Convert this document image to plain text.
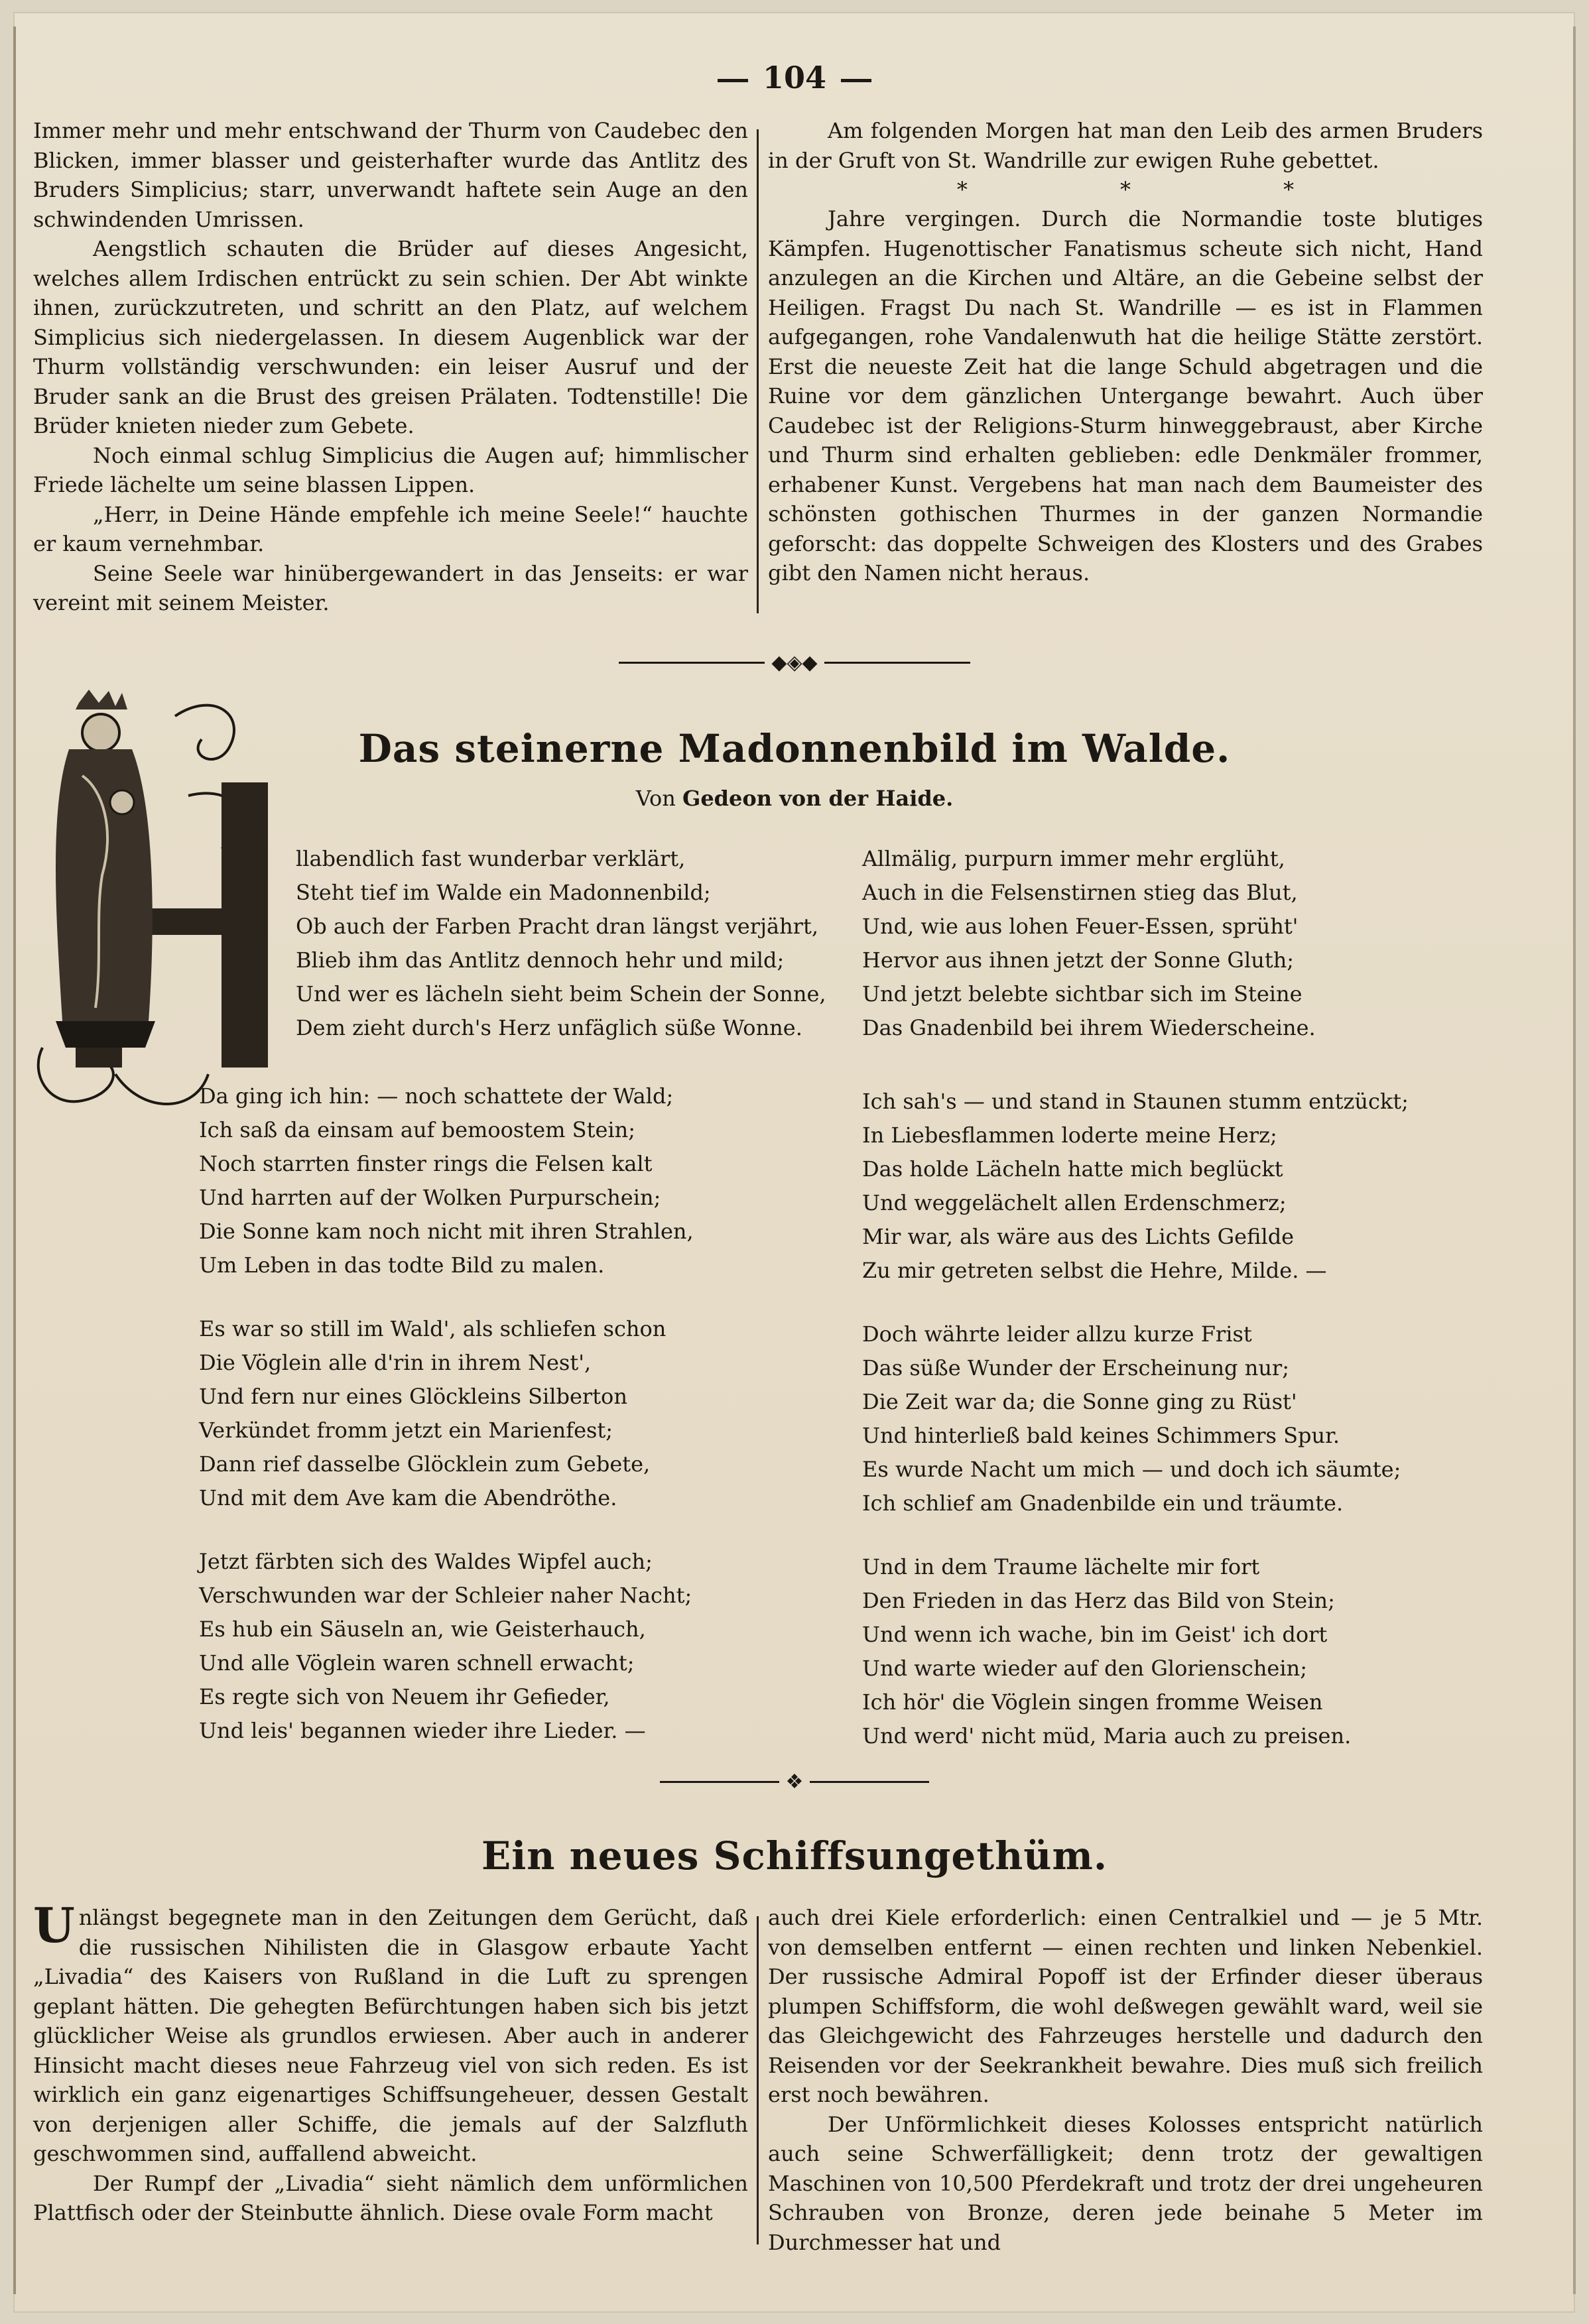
104

Immer mehr und mehr entschwand der Thurm von Caudebec den Blicken, immer blasser und geisterhafter wurde das Antlitz des Bruders Simplicius; starr, unverwandt haftete sein Auge an den schwindenden Umrissen.

Aengstlich schauten die Brüder auf dieses Angesicht, welches allem Irdischen entrückt zu sein schien. Der Abt winkte ihnen, zurückzutreten, und schritt an den Platz, auf welchem Simplicius sich niedergelassen. In diesem Augenblick war der Thurm vollständig verschwunden: ein leiser Ausruf und der Bruder sank an die Brust des greisen Prälaten. Todtenstille! Die Brüder knieten nieder zum Gebete.

Noch einmal schlug Simplicius die Augen auf; himmlischer Friede lächelte um seine blassen Lippen.

„Herr, in Deine Hände empfehle ich meine Seele!“ hauchte er kaum vernehmbar.

Seine Seele war hinübergewandert in das Jenseits: er war vereint mit seinem Meister.

Am folgenden Morgen hat man den Leib des armen Bruders in der Gruft von St. Wandrille zur ewigen Ruhe gebettet.

* * *

Jahre vergingen. Durch die Normandie toste blutiges Kämpfen. Hugenottischer Fanatismus scheute sich nicht, Hand anzulegen an die Kirchen und Altäre, an die Gebeine selbst der Heiligen. Fragst Du nach St. Wandrille — es ist in Flammen aufgegangen, rohe Vandalenwuth hat die heilige Stätte zerstört. Erst die neueste Zeit hat die lange Schuld abgetragen und die Ruine vor dem gänzlichen Untergange bewahrt. Auch über Caudebec ist der Religions-Sturm hinweggebraust, aber Kirche und Thurm sind erhalten geblieben: edle Denkmäler frommer, erhabener Kunst. Vergebens hat man nach dem Baumeister des schönsten gothischen Thurmes in der ganzen Normandie geforscht: das doppelte Schweigen des Klosters und des Grabes gibt den Namen nicht heraus.

◆◈◆
Das steinerne Madonnenbild im Walde.
Von Gedeon von der Haide.
llabendlich fast wunderbar verklärt,
Steht tief im Walde ein Madonnenbild;
Ob auch der Farben Pracht dran längst verjährt,
Blieb ihm das Antlitz dennoch hehr und mild;
Und wer es lächeln sieht beim Schein der Sonne,
Dem zieht durch's Herz unfäglich süße Wonne.
Da ging ich hin: — noch schattete der Wald;
Ich saß da einsam auf bemoostem Stein;
Noch starrten finster rings die Felsen kalt
Und harrten auf der Wolken Purpurschein;
Die Sonne kam noch nicht mit ihren Strahlen,
Um Leben in das todte Bild zu malen.
Es war so still im Wald', als schliefen schon
Die Vöglein alle d'rin in ihrem Nest',
Und fern nur eines Glöckleins Silberton
Verkündet fromm jetzt ein Marienfest;
Dann rief dasselbe Glöcklein zum Gebete,
Und mit dem Ave kam die Abendröthe.
Jetzt färbten sich des Waldes Wipfel auch;
Verschwunden war der Schleier naher Nacht;
Es hub ein Säuseln an, wie Geisterhauch,
Und alle Vöglein waren schnell erwacht;
Es regte sich von Neuem ihr Gefieder,
Und leis' begannen wieder ihre Lieder. —
Allmälig, purpurn immer mehr erglüht,
Auch in die Felsenstirnen stieg das Blut,
Und, wie aus lohen Feuer-Essen, sprüht'
Hervor aus ihnen jetzt der Sonne Gluth;
Und jetzt belebte sichtbar sich im Steine
Das Gnadenbild bei ihrem Wiederscheine.
Ich sah's — und stand in Staunen stumm entzückt;
In Liebesflammen loderte meine Herz;
Das holde Lächeln hatte mich beglückt
Und weggelächelt allen Erdenschmerz;
Mir war, als wäre aus des Lichts Gefilde
Zu mir getreten selbst die Hehre, Milde. —
Doch währte leider allzu kurze Frist
Das süße Wunder der Erscheinung nur;
Die Zeit war da; die Sonne ging zu Rüst'
Und hinterließ bald keines Schimmers Spur.
Es wurde Nacht um mich — und doch ich säumte;
Ich schlief am Gnadenbilde ein und träumte.
Und in dem Traume lächelte mir fort
Den Frieden in das Herz das Bild von Stein;
Und wenn ich wache, bin im Geist' ich dort
Und warte wieder auf den Glorienschein;
Ich hör' die Vöglein singen fromme Weisen
Und werd' nicht müd, Maria auch zu preisen.
❖
Ein neues Schiffsungethüm.

Unlängst begegnete man in den Zeitungen dem Gerücht, daß die russischen Nihilisten die in Glasgow erbaute Yacht „Livadia“ des Kaisers von Rußland in die Luft zu sprengen geplant hätten. Die gehegten Befürchtungen haben sich bis jetzt glücklicher Weise als grundlos erwiesen. Aber auch in anderer Hinsicht macht dieses neue Fahrzeug viel von sich reden. Es ist wirklich ein ganz eigenartiges Schiffsungeheuer, dessen Gestalt von derjenigen aller Schiffe, die jemals auf der Salzfluth geschwommen sind, auffallend abweicht.

Der Rumpf der „Livadia“ sieht nämlich dem unförmlichen Plattfisch oder der Steinbutte ähnlich. Diese ovale Form macht

auch drei Kiele erforderlich: einen Centralkiel und — je 5 Mtr. von demselben entfernt — einen rechten und linken Nebenkiel. Der russische Admiral Popoff ist der Erfinder dieser überaus plumpen Schiffsform, die wohl deßwegen gewählt ward, weil sie das Gleichgewicht des Fahrzeuges herstelle und dadurch den Reisenden vor der Seekrankheit bewahre. Dies muß sich freilich erst noch bewähren.

Der Unförmlichkeit dieses Kolosses entspricht natürlich auch seine Schwerfälligkeit; denn trotz der gewaltigen Maschinen von 10,500 Pferdekraft und trotz der drei ungeheuren Schrauben von Bronze, deren jede beinahe 5 Meter im Durchmesser hat und
